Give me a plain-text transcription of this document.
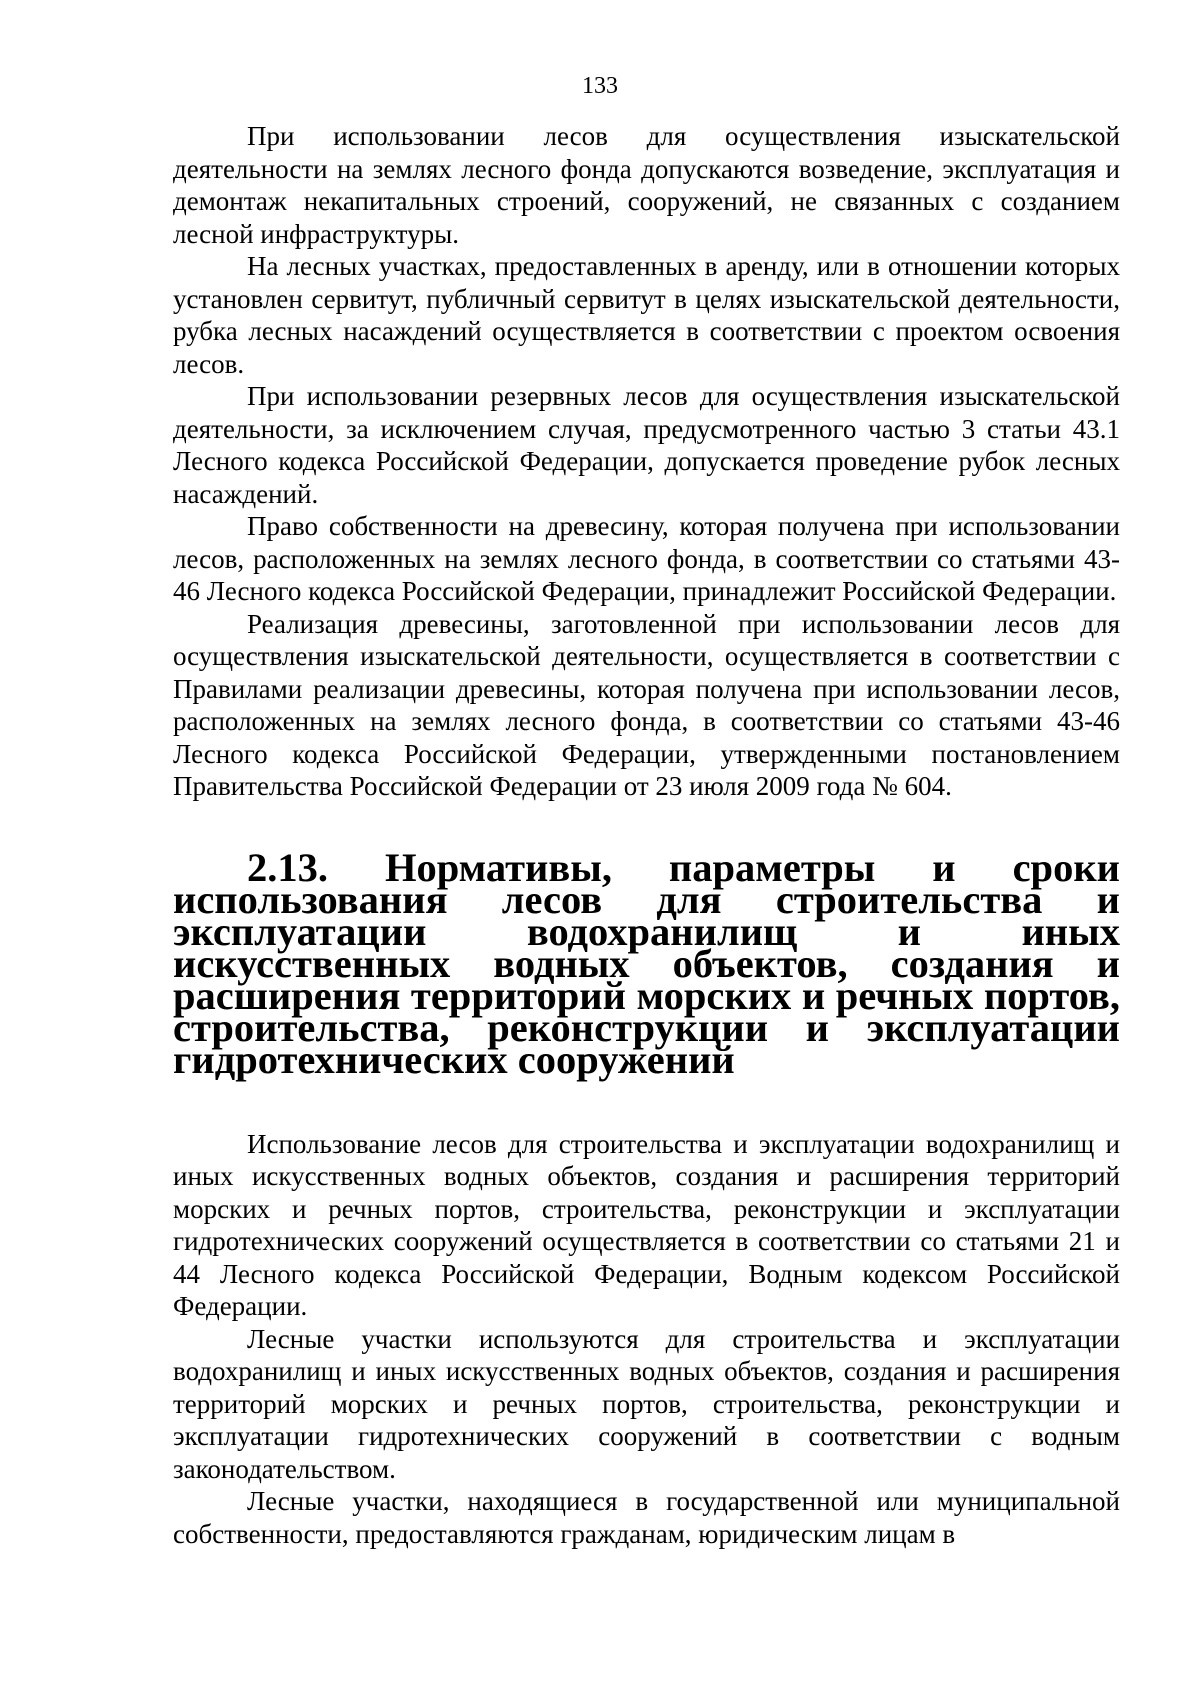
133

При использовании лесов для осуществления изыскательской деятельности на землях лесного фонда допускаются возведение, эксплуатация и демонтаж некапитальных строений, сооружений, не связанных с созданием лесной инфраструктуры.

На лесных участках, предоставленных в аренду, или в отношении которых установлен сервитут, публичный сервитут в целях изыскательской деятельности, рубка лесных насаждений осуществляется в соответствии с проектом освоения лесов.

При использовании резервных лесов для осуществления изыскательской деятельности, за исключением случая, предусмотренного частью 3 статьи 43.1 Лесного кодекса Российской Федерации, допускается проведение рубок лесных насаждений.

Право собственности на древесину, которая получена при использовании лесов, расположенных на землях лесного фонда, в соответствии со статьями 43-46 Лесного кодекса Российской Федерации, принадлежит Российской Федерации.

Реализация древесины, заготовленной при использовании лесов для осуществления изыскательской деятельности, осуществляется в соответствии с Правилами реализации древесины, которая получена при использовании лесов, расположенных на землях лесного фонда, в соответствии со статьями 43-46 Лесного кодекса Российской Федерации, утвержденными постановлением Правительства Российской Федерации от 23 июля 2009 года № 604.

2.13. Нормативы, параметры и сроки использования лесов для строительства и эксплуатации водохранилищ и иных искусственных водных объектов, создания и расширения территорий морских и речных портов, строительства, реконструкции и эксплуатации гидротехнических сооружений

Использование лесов для строительства и эксплуатации водохранилищ и иных искусственных водных объектов, создания и расширения территорий морских и речных портов, строительства, реконструкции и эксплуатации гидротехнических сооружений осуществляется в соответствии со статьями 21 и 44 Лесного кодекса Российской Федерации, Водным кодексом Российской Федерации.

Лесные участки используются для строительства и эксплуатации водохранилищ и иных искусственных водных объектов, создания и расширения территорий морских и речных портов, строительства, реконструкции и эксплуатации гидротехнических сооружений в соответствии с водным законодательством.

Лесные участки, находящиеся в государственной или муниципальной собственности, предоставляются гражданам, юридическим лицам в
